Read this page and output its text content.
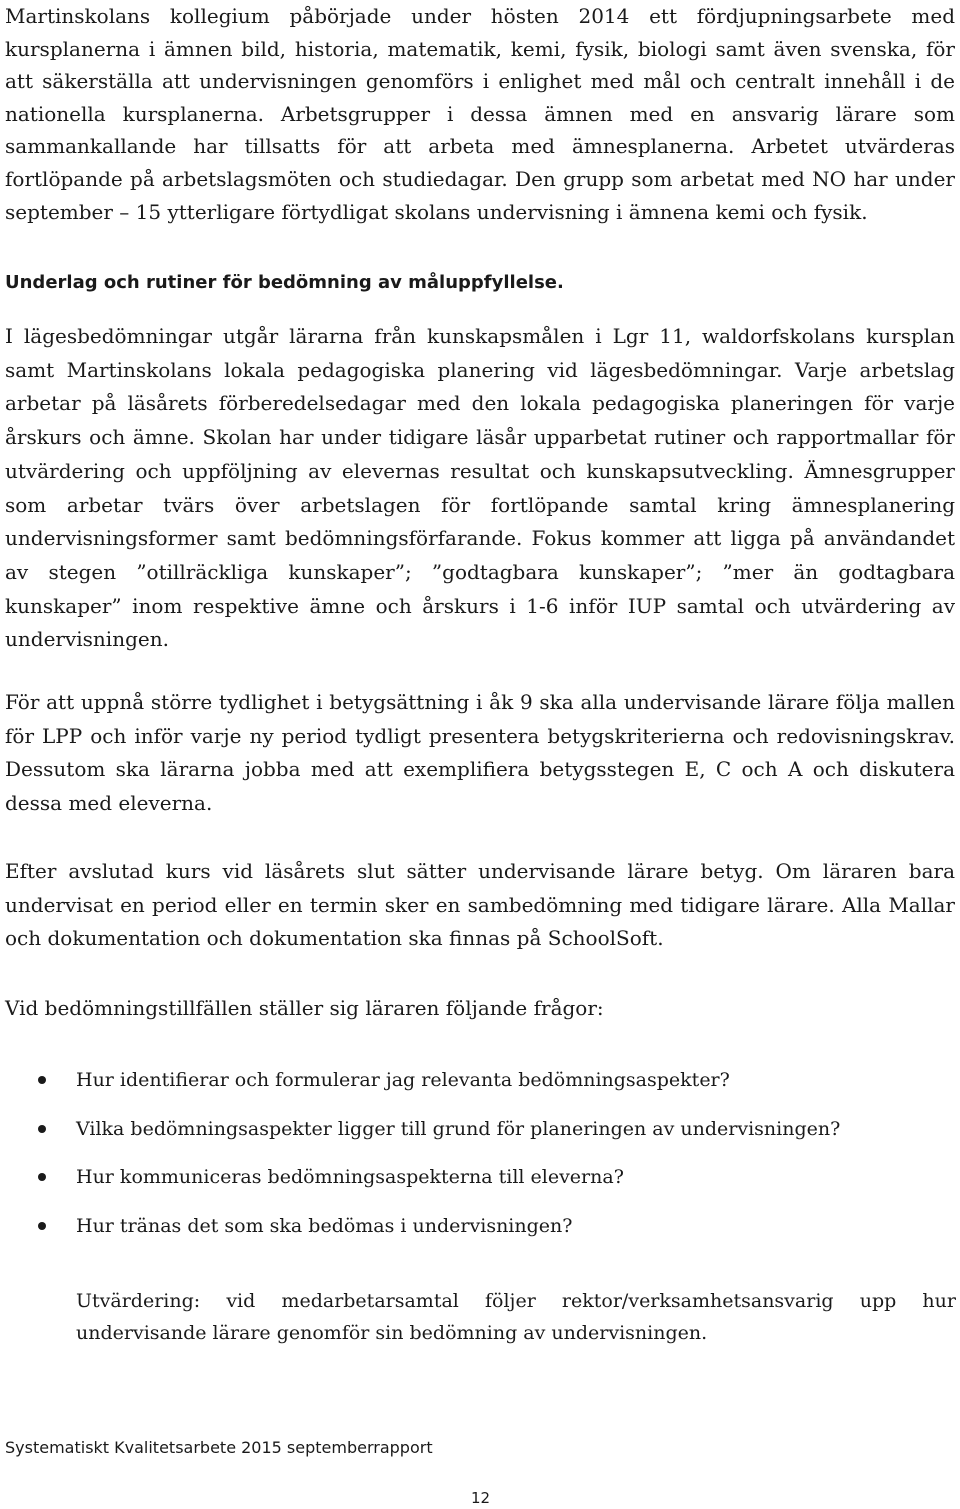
Martinskolans kollegium påbörjade under hösten 2014 ett fördjupningsarbete med kursplanerna i ämnen bild, historia, matematik, kemi, fysik, biologi samt även svenska, för att säkerställa att undervisningen genomförs i enlighet med mål och centralt innehåll i de nationella kursplanerna. Arbetsgrupper i dessa ämnen med en ansvarig lärare som sammankallande har tillsatts för att arbeta med ämnesplanerna. Arbetet utvärderas fortlöpande på arbetslagsmöten och studiedagar. Den grupp som arbetat med NO har under september – 15 ytterligare förtydligat skolans undervisning i ämnena kemi och fysik.

Underlag och rutiner för bedömning av måluppfyllelse.

I lägesbedömningar utgår lärarna från kunskapsmålen i Lgr 11, waldorfskolans kursplan samt Martinskolans lokala pedagogiska planering vid lägesbedömningar. Varje arbetslag arbetar på läsårets förberedelsedagar med den lokala pedagogiska planeringen för varje årskurs och ämne. Skolan har under tidigare läsår upparbetat rutiner och rapportmallar för utvärdering och uppföljning av elevernas resultat och kunskapsutveckling. Ämnesgrupper som arbetar tvärs över arbetslagen för fortlöpande samtal kring ämnesplanering undervisningsformer samt bedömningsförfarande. Fokus kommer att ligga på användandet av stegen ”otillräckliga kunskaper”; ”godtagbara kunskaper”; ”mer än godtagbara kunskaper” inom respektive ämne och årskurs i 1-6 inför IUP samtal och utvärdering av undervisningen.

För att uppnå större tydlighet i betygsättning i åk 9 ska alla undervisande lärare följa mallen för LPP och inför varje ny period tydligt presentera betygskriterierna och redovisningskrav. Dessutom ska lärarna jobba med att exemplifiera betygsstegen E, C och A och diskutera dessa med eleverna.

Efter avslutad kurs vid läsårets slut sätter undervisande lärare betyg. Om läraren bara undervisat en period eller en termin sker en sambedömning med tidigare lärare. Alla Mallar och dokumentation och dokumentation ska finnas på SchoolSoft.

Vid bedömningstillfällen ställer sig läraren följande frågor:

Hur identifierar och formulerar jag relevanta bedömningsaspekter?
Vilka bedömningsaspekter ligger till grund för planeringen av undervisningen?
Hur kommuniceras bedömningsaspekterna till eleverna?
Hur tränas det som ska bedömas i undervisningen?

Utvärdering: vid medarbetarsamtal följer rektor/verksamhetsansvarig upp hur undervisande lärare genomför sin bedömning av undervisningen.

Systematiskt Kvalitetsarbete 2015 septemberrapport

12
